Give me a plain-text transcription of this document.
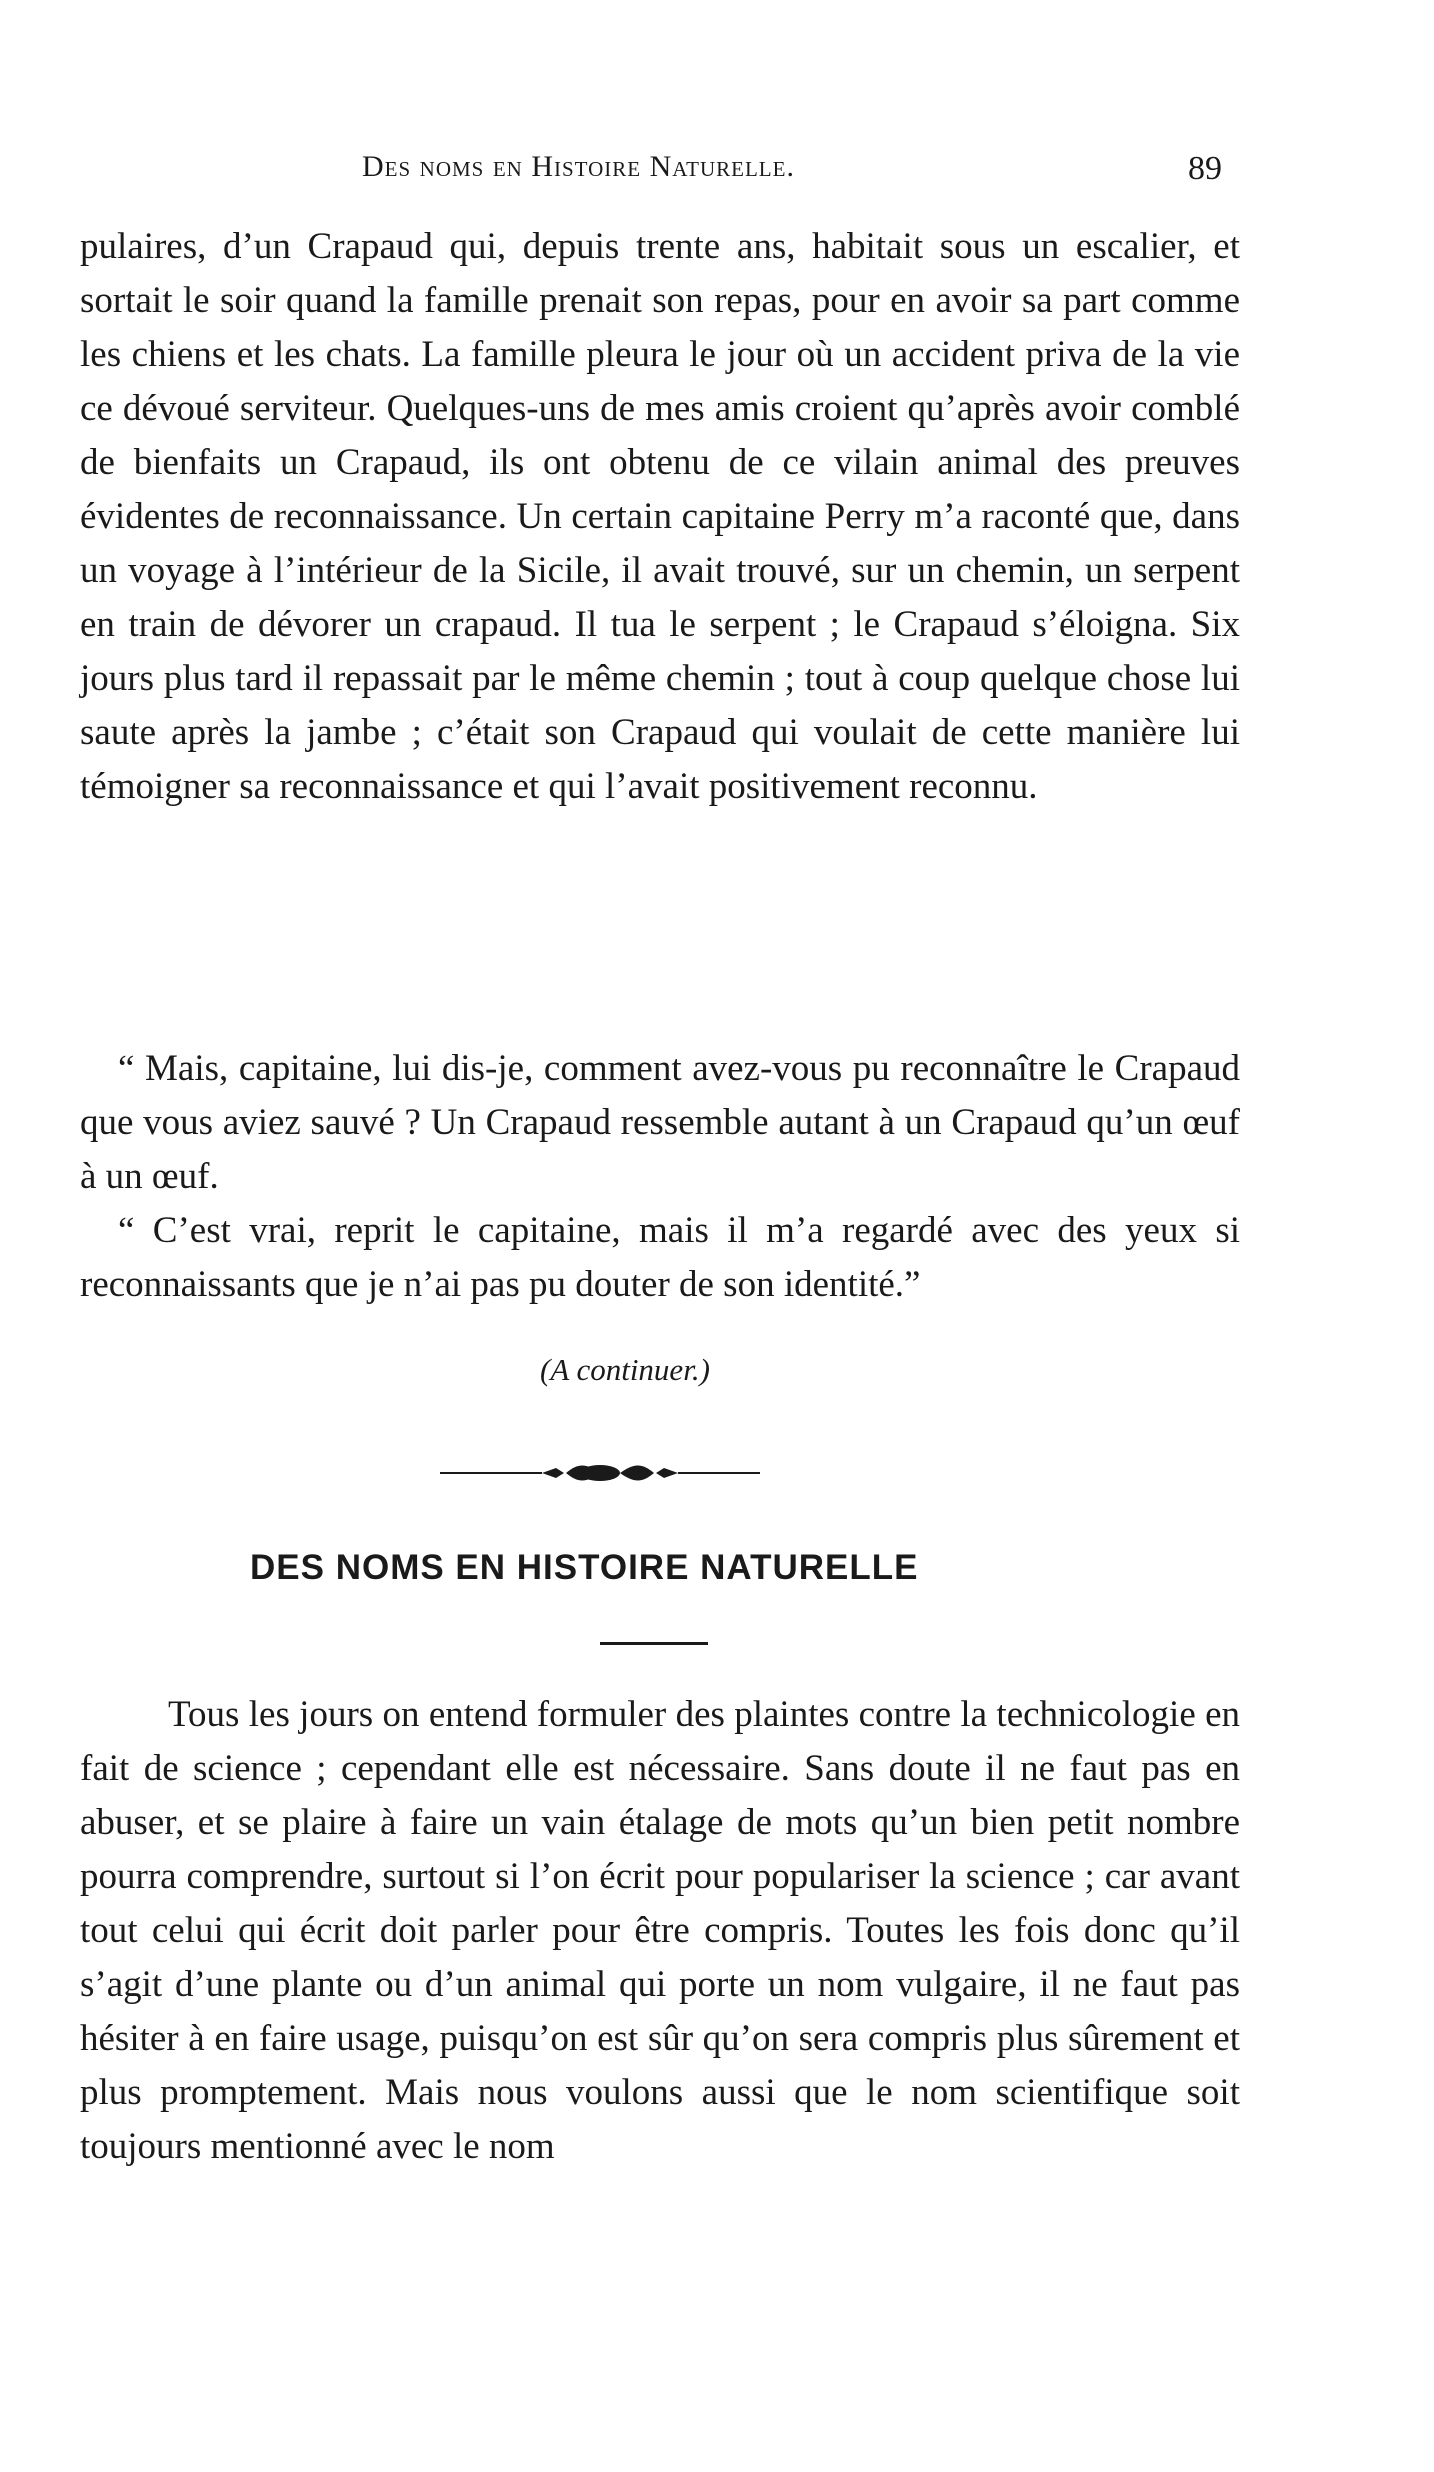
Des noms en Histoire Naturelle.	89

pulaires, d’un Crapaud qui, depuis trente ans, habitait sous un escalier, et sortait le soir quand la famille prenait son repas, pour en avoir sa part comme les chiens et les chats. La famille pleura le jour où un accident priva de la vie ce dévoué serviteur. Quelques-uns de mes amis croient qu’après avoir comblé de bienfaits un Crapaud, ils ont obtenu de ce vilain animal des preuves évidentes de reconnaissance. Un certain capitaine Perry m’a raconté que, dans un voyage à l’intérieur de la Sicile, il avait trouvé, sur un chemin, un serpent en train de dévorer un crapaud. Il tua le serpent ; le Crapaud s’éloigna. Six jours plus tard il repassait par le même chemin ; tout à coup quelque chose lui saute après la jambe ; c’était son Crapaud qui voulait de cette manière lui témoigner sa reconnaissance et qui l’avait positivement reconnu.

“ Mais, capitaine, lui dis-je, comment avez-vous pu reconnaître le Crapaud que vous aviez sauvé ? Un Crapaud ressemble autant à un Crapaud qu’un œuf à un œuf.

“ C’est vrai, reprit le capitaine, mais il m’a regardé avec des yeux si reconnaissants que je n’ai pas pu douter de son identité.”

(A continuer.)
DES NOMS EN HISTOIRE NATURELLE

Tous les jours on entend formuler des plaintes contre la technicologie en fait de science ; cependant elle est nécessaire. Sans doute il ne faut pas en abuser, et se plaire à faire un vain étalage de mots qu’un bien petit nombre pourra comprendre, surtout si l’on écrit pour populariser la science ; car avant tout celui qui écrit doit parler pour être compris. Toutes les fois donc qu’il s’agit d’une plante ou d’un animal qui porte un nom vulgaire, il ne faut pas hésiter à en faire usage, puisqu’on est sûr qu’on sera compris plus sûrement et plus promptement. Mais nous voulons aussi que le nom scientifique soit toujours mentionné avec le nom
